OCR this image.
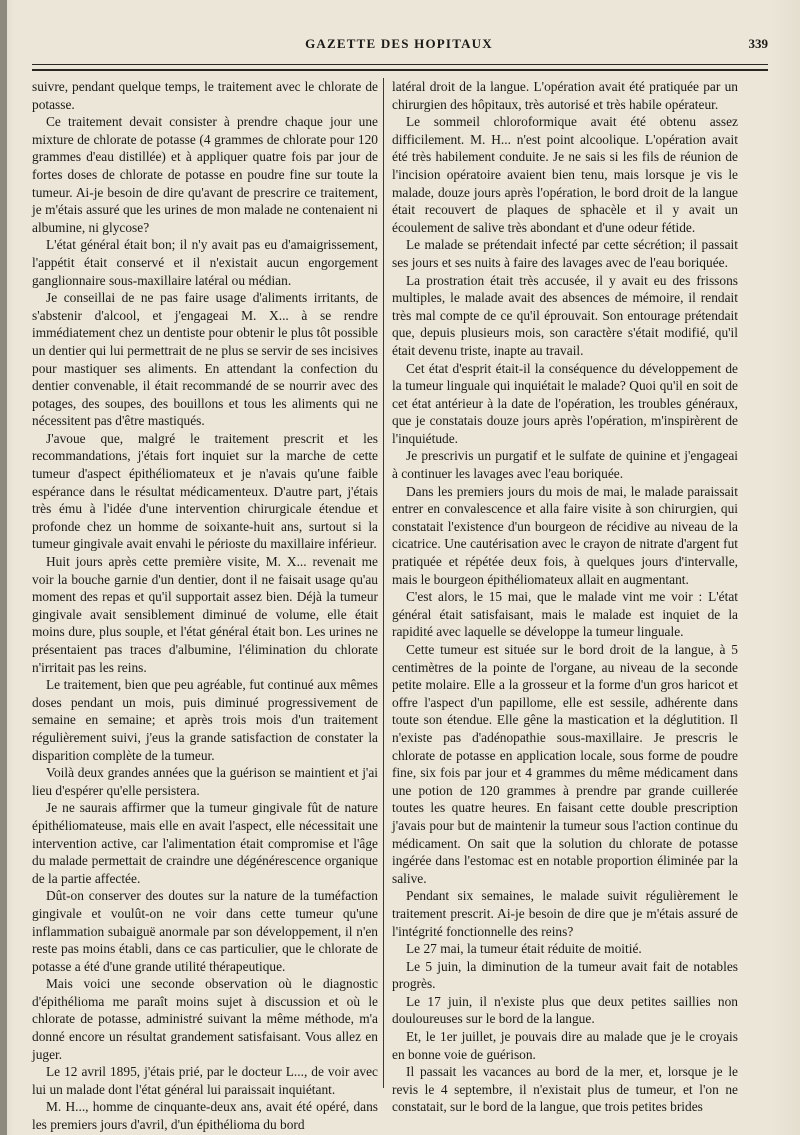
GAZETTE DES HOPITAUX	339

suivre, pendant quelque temps, le traitement avec le chlorate de potasse.

Ce traitement devait consister à prendre chaque jour une mixture de chlorate de potasse (4 grammes de chlorate pour 120 grammes d'eau distillée) et à appliquer quatre fois par jour de fortes doses de chlorate de potasse en poudre fine sur toute la tumeur. Ai-je besoin de dire qu'avant de prescrire ce traitement, je m'étais assuré que les urines de mon malade ne contenaient ni albumine, ni glycose?

L'état général était bon; il n'y avait pas eu d'amaigrissement, l'appétit était conservé et il n'existait aucun engorgement ganglionnaire sous-maxillaire latéral ou médian.

Je conseillai de ne pas faire usage d'aliments irritants, de s'abstenir d'alcool, et j'engageai M. X... à se rendre immédiatement chez un dentiste pour obtenir le plus tôt possible un dentier qui lui permettrait de ne plus se servir de ses incisives pour mastiquer ses aliments. En attendant la confection du dentier convenable, il était recommandé de se nourrir avec des potages, des soupes, des bouillons et tous les aliments qui ne nécessitent pas d'être mastiqués.

J'avoue que, malgré le traitement prescrit et les recommandations, j'étais fort inquiet sur la marche de cette tumeur d'aspect épithéliomateux et je n'avais qu'une faible espérance dans le résultat médicamenteux. D'autre part, j'étais très ému à l'idée d'une intervention chirurgicale étendue et profonde chez un homme de soixante-huit ans, surtout si la tumeur gingivale avait envahi le périoste du maxillaire inférieur.

Huit jours après cette première visite, M. X... revenait me voir la bouche garnie d'un dentier, dont il ne faisait usage qu'au moment des repas et qu'il supportait assez bien. Déjà la tumeur gingivale avait sensiblement diminué de volume, elle était moins dure, plus souple, et l'état général était bon. Les urines ne présentaient pas traces d'albumine, l'élimination du chlorate n'irritait pas les reins.

Le traitement, bien que peu agréable, fut continué aux mêmes doses pendant un mois, puis diminué progressivement de semaine en semaine; et après trois mois d'un traitement régulièrement suivi, j'eus la grande satisfaction de constater la disparition complète de la tumeur.

Voilà deux grandes années que la guérison se maintient et j'ai lieu d'espérer qu'elle persistera.

Je ne saurais affirmer que la tumeur gingivale fût de nature épithéliomateuse, mais elle en avait l'aspect, elle nécessitait une intervention active, car l'alimentation était compromise et l'âge du malade permettait de craindre une dégénérescence organique de la partie affectée.

Dût-on conserver des doutes sur la nature de la tuméfaction gingivale et voulût-on ne voir dans cette tumeur qu'une inflammation subaiguë anormale par son développement, il n'en reste pas moins établi, dans ce cas particulier, que le chlorate de potasse a été d'une grande utilité thérapeutique.

Mais voici une seconde observation où le diagnostic d'épithélioma me paraît moins sujet à discussion et où le chlorate de potasse, administré suivant la même méthode, m'a donné encore un résultat grandement satisfaisant. Vous allez en juger.

Le 12 avril 1895, j'étais prié, par le docteur L..., de voir avec lui un malade dont l'état général lui paraissait inquiétant.

M. H..., homme de cinquante-deux ans, avait été opéré, dans les premiers jours d'avril, d'un épithélioma du bord

latéral droit de la langue. L'opération avait été pratiquée par un chirurgien des hôpitaux, très autorisé et très habile opérateur.

Le sommeil chloroformique avait été obtenu assez difficilement. M. H... n'est point alcoolique. L'opération avait été très habilement conduite. Je ne sais si les fils de réunion de l'incision opératoire avaient bien tenu, mais lorsque je vis le malade, douze jours après l'opération, le bord droit de la langue était recouvert de plaques de sphacèle et il y avait un écoulement de salive très abondant et d'une odeur fétide.

Le malade se prétendait infecté par cette sécrétion; il passait ses jours et ses nuits à faire des lavages avec de l'eau boriquée.

La prostration était très accusée, il y avait eu des frissons multiples, le malade avait des absences de mémoire, il rendait très mal compte de ce qu'il éprouvait. Son entourage prétendait que, depuis plusieurs mois, son caractère s'était modifié, qu'il était devenu triste, inapte au travail.

Cet état d'esprit était-il la conséquence du développement de la tumeur linguale qui inquiétait le malade? Quoi qu'il en soit de cet état antérieur à la date de l'opération, les troubles généraux, que je constatais douze jours après l'opération, m'inspirèrent de l'inquiétude.

Je prescrivis un purgatif et le sulfate de quinine et j'engageai à continuer les lavages avec l'eau boriquée.

Dans les premiers jours du mois de mai, le malade paraissait entrer en convalescence et alla faire visite à son chirurgien, qui constatait l'existence d'un bourgeon de récidive au niveau de la cicatrice. Une cautérisation avec le crayon de nitrate d'argent fut pratiquée et répétée deux fois, à quelques jours d'intervalle, mais le bourgeon épithéliomateux allait en augmentant.

C'est alors, le 15 mai, que le malade vint me voir : L'état général était satisfaisant, mais le malade est inquiet de la rapidité avec laquelle se développe la tumeur linguale.

Cette tumeur est située sur le bord droit de la langue, à 5 centimètres de la pointe de l'organe, au niveau de la seconde petite molaire. Elle a la grosseur et la forme d'un gros haricot et offre l'aspect d'un papillome, elle est sessile, adhérente dans toute son étendue. Elle gêne la mastication et la déglutition. Il n'existe pas d'adénopathie sous-maxillaire. Je prescris le chlorate de potasse en application locale, sous forme de poudre fine, six fois par jour et 4 grammes du même médicament dans une potion de 120 grammes à prendre par grande cuillerée toutes les quatre heures. En faisant cette double prescription j'avais pour but de maintenir la tumeur sous l'action continue du médicament. On sait que la solution du chlorate de potasse ingérée dans l'estomac est en notable proportion éliminée par la salive.

Pendant six semaines, le malade suivit régulièrement le traitement prescrit. Ai-je besoin de dire que je m'étais assuré de l'intégrité fonctionnelle des reins?

Le 27 mai, la tumeur était réduite de moitié.

Le 5 juin, la diminution de la tumeur avait fait de notables progrès.

Le 17 juin, il n'existe plus que deux petites saillies non douloureuses sur le bord de la langue.

Et, le 1er juillet, je pouvais dire au malade que je le croyais en bonne voie de guérison.

Il passait les vacances au bord de la mer, et, lorsque je le revis le 4 septembre, il n'existait plus de tumeur, et l'on ne constatait, sur le bord de la langue, que trois petites brides
